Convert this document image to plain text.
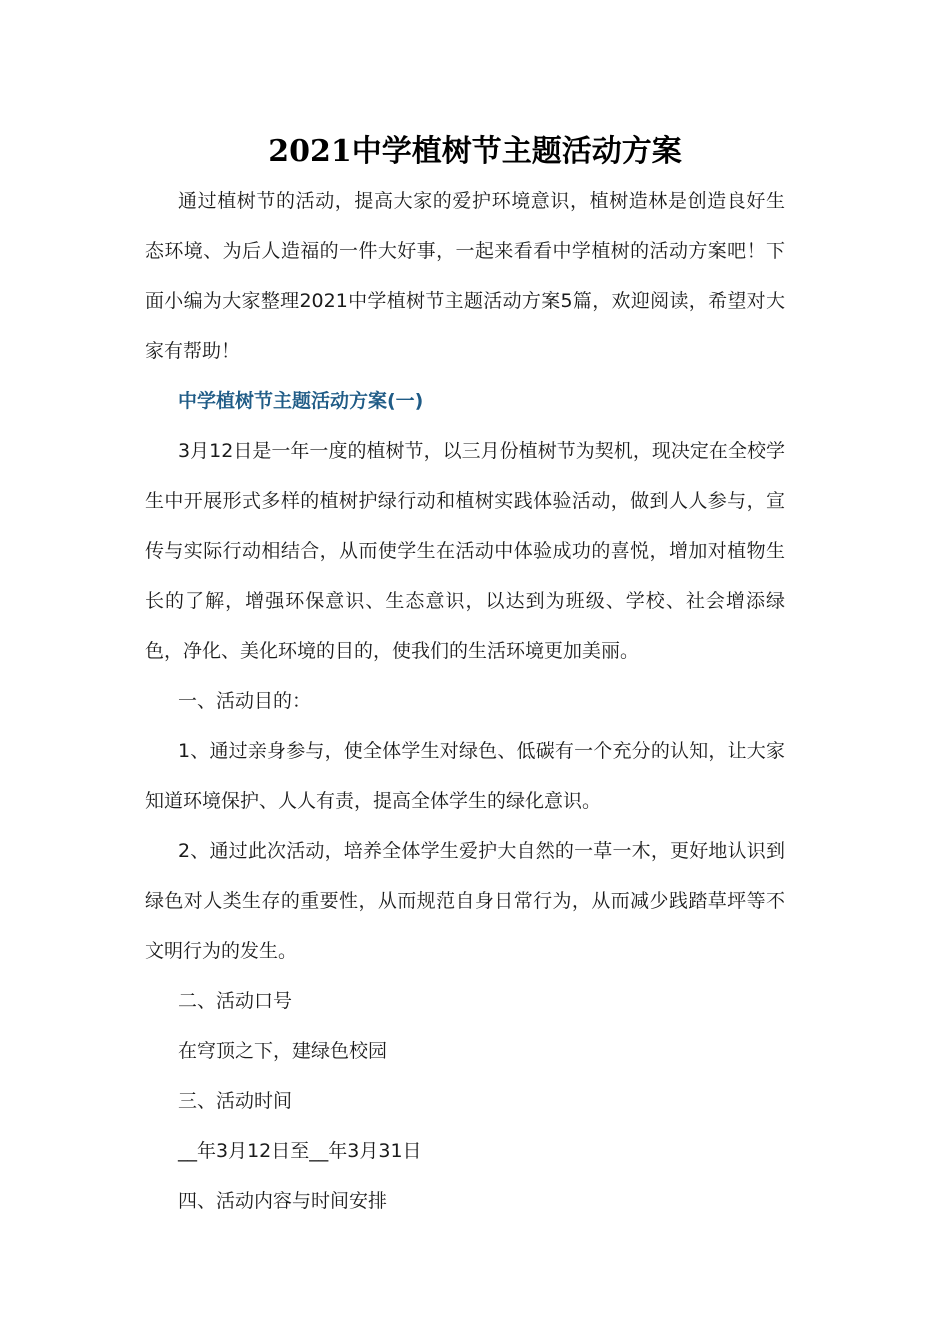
2021中学植树节主题活动方案
通过植树节的活动，提高大家的爱护环境意识，植树造林是创造良好生态环境、为后人造福的一件大好事，一起来看看中学植树的活动方案吧！下面小编为大家整理2021中学植树节主题活动方案5篇，欢迎阅读，希望对大家有帮助！
中学植树节主题活动方案(一)
3月12日是一年一度的植树节，以三月份植树节为契机，现决定在全校学生中开展形式多样的植树护绿行动和植树实践体验活动，做到人人参与，宣传与实际行动相结合，从而使学生在活动中体验成功的喜悦，增加对植物生长的了解，增强环保意识、生态意识，以达到为班级、学校、社会增添绿色，净化、美化环境的目的，使我们的生活环境更加美丽。
一、活动目的：
1、通过亲身参与，使全体学生对绿色、低碳有一个充分的认知，让大家知道环境保护、人人有责，提高全体学生的绿化意识。
2、通过此次活动，培养全体学生爱护大自然的一草一木，更好地认识到绿色对人类生存的重要性，从而规范自身日常行为，从而减少践踏草坪等不文明行为的发生。
二、活动口号
在穹顶之下，建绿色校园
三、活动时间
__年3月12日至__年3月31日
四、活动内容与时间安排
